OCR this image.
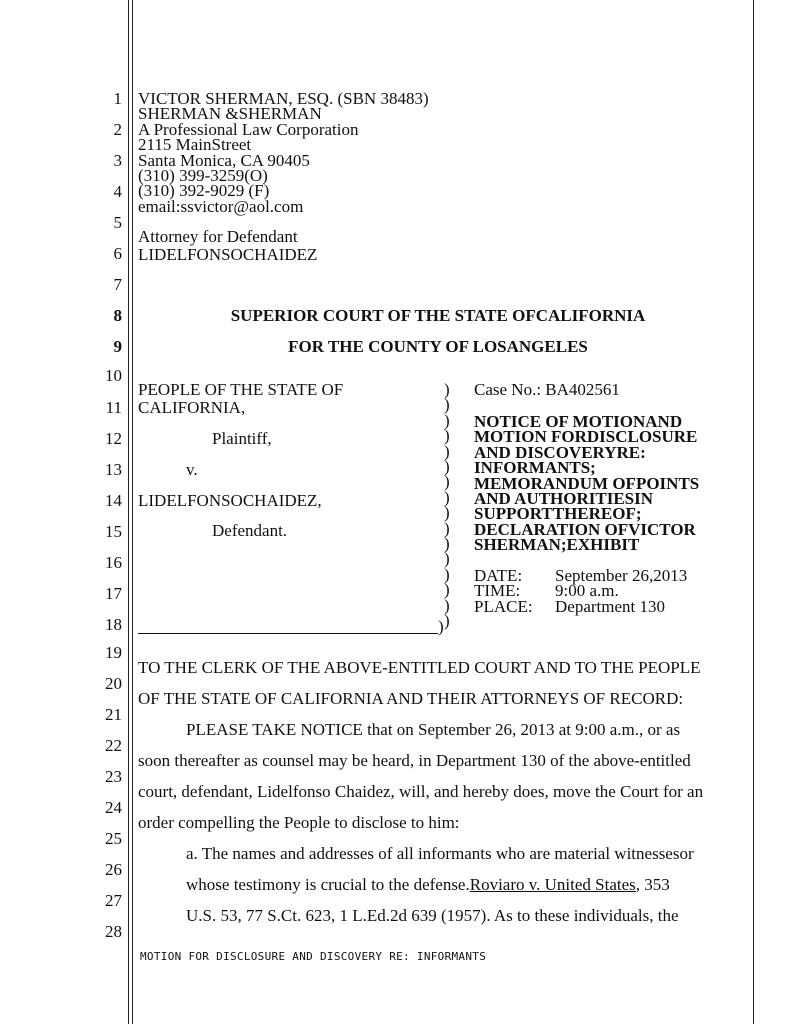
1
2
3
4
5
6
7
8
9
10
11
12
13
14
15
16
17
18
19
20
21
22
23
24
25
26
27
28
VICTOR SHERMAN, ESQ. (SBN 38483)
SHERMAN &SHERMAN
A Professional Law Corporation
2115 MainStreet
Santa Monica, CA 90405
(310) 399-3259(O)
(310) 392-9029 (F)
email:ssvictor@aol.com
Attorney for Defendant
LIDELFONSOCHAIDEZ
SUPERIOR COURT OF THE STATE OFCALIFORNIA
FOR THE COUNTY OF LOSANGELES
PEOPLE OF THE STATE OF
CALIFORNIA,
Plaintiff,
v.
LIDELFONSOCHAIDEZ,
Defendant.
)
)
)
)
)
)
)
)
)
)
)
)
)
)
)
)
)
Case No.: BA402561
NOTICE OF MOTIONAND
MOTION FORDISCLOSURE
AND DISCOVERYRE:
INFORMANTS;
MEMORANDUM OFPOINTS
AND AUTHORITIESIN
SUPPORTTHEREOF;
DECLARATION OFVICTOR
SHERMAN;EXHIBIT
DATE: September 26,2013
TIME: 9:00 a.m.
PLACE: Department 130
TO THE CLERK OF THE ABOVE-ENTITLED COURT AND TO THE PEOPLE
OF THE STATE OF CALIFORNIA AND THEIR ATTORNEYS OF RECORD:
PLEASE TAKE NOTICE that on September 26, 2013 at 9:00 a.m., or as
soon thereafter as counsel may be heard, in Department 130 of the above-entitled
court, defendant, Lidelfonso Chaidez, will, and hereby does, move the Court for an
order compelling the People to disclose to him:
a. The names and addresses of all informants who are material witnessesor
whose testimony is crucial to the defense.Roviaro v. United States, 353
U.S. 53, 77 S.Ct. 623, 1 L.Ed.2d 639 (1957). As to these individuals, the
MOTION FOR DISCLOSURE AND DISCOVERY RE: INFORMANTS
